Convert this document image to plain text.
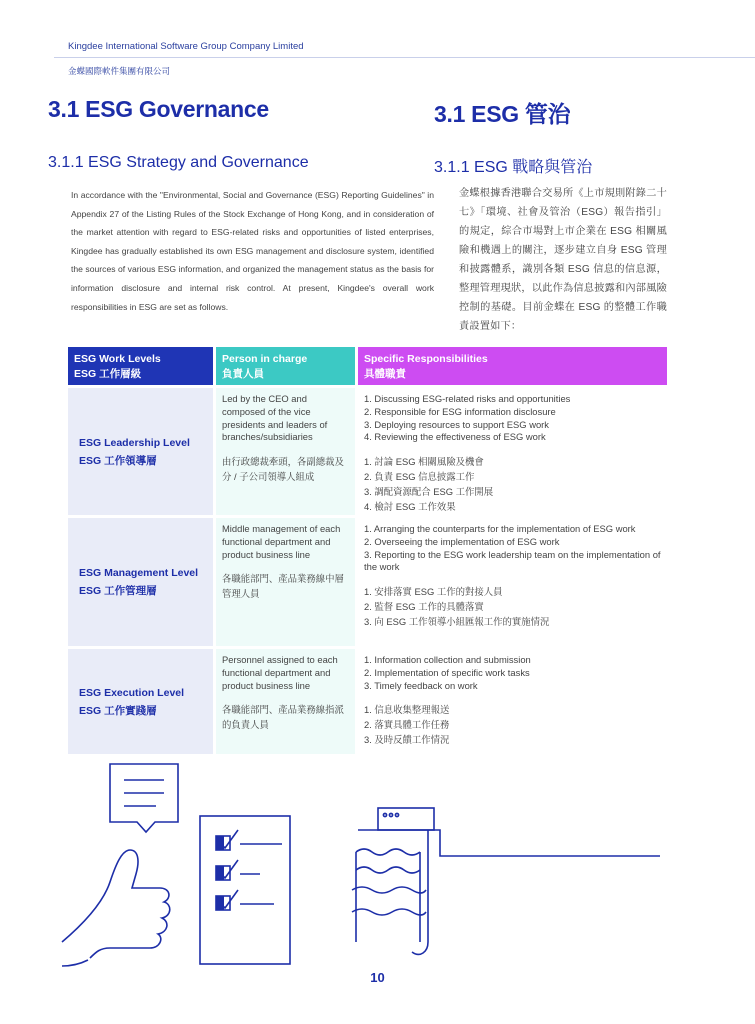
Kingdee International Software Group Company Limited
金蝶國際軟件集團有限公司
3.1 ESG Governance	3.1 ESG 管治
3.1.1 ESG Strategy and Governance	3.1.1 ESG 戰略與管治

In accordance with the "Environmental, Social and Governance (ESG) Reporting Guidelines" in Appendix 27 of the Listing Rules of the Stock Exchange of Hong Kong, and in consideration of the market attention with regard to ESG-related risks and opportunities of listed enterprises, Kingdee has gradually established its own ESG management and disclosure system, identified the sources of various ESG information, and organized the management status as the basis for information disclosure and internal risk control. At present, Kingdee's overall work responsibilities in ESG are set as follows.

金蝶根據香港聯合交易所《上市規則附錄二十七》「環境、社會及管治（ESG）報告指引」的規定，綜合市場對上市企業在 ESG 相關風險和機遇上的關注，逐步建立自身 ESG 管理和披露體系，識別各類 ESG 信息的信息源，整理管理現狀，以此作為信息披露和內部風險控制的基礎。目前金蝶在 ESG 的整體工作職責設置如下：

ESG Work Levels
ESG 工作層級
Person in charge
負責人員
Specific Responsibilities
具體職責
ESG Leadership Level
ESG 工作領導層
Led by the CEO and composed of the vice presidents and leaders of branches/subsidiaries
由行政總裁牽頭，各副總裁及分 / 子公司領導人組成
1. Discussing ESG-related risks and opportunities
2. Responsible for ESG information disclosure
3. Deploying resources to support ESG work
4. Reviewing the effectiveness of ESG work
1. 討論 ESG 相關風險及機會
2. 負責 ESG 信息披露工作
3. 調配資源配合 ESG 工作開展
4. 檢討 ESG 工作效果
ESG Management Level
ESG 工作管理層
Middle management of each functional department and product business line
各職能部門、產品業務線中層管理人員
1. Arranging the counterparts for the implementation of ESG work
2. Overseeing the implementation of ESG work
3. Reporting to the ESG work leadership team on the implementation of the work
1. 安排落實 ESG 工作的對接人員
2. 監督 ESG 工作的具體落實
3. 向 ESG 工作領導小組匯報工作的實施情況
ESG Execution Level
ESG 工作實踐層
Personnel assigned to each functional department and product business line
各職能部門、產品業務線指派的負責人員
1. Information collection and submission
2. Implementation of specific work tasks
3. Timely feedback on work
1. 信息收集整理報送
2. 落實具體工作任務
3. 及時反饋工作情況
10
